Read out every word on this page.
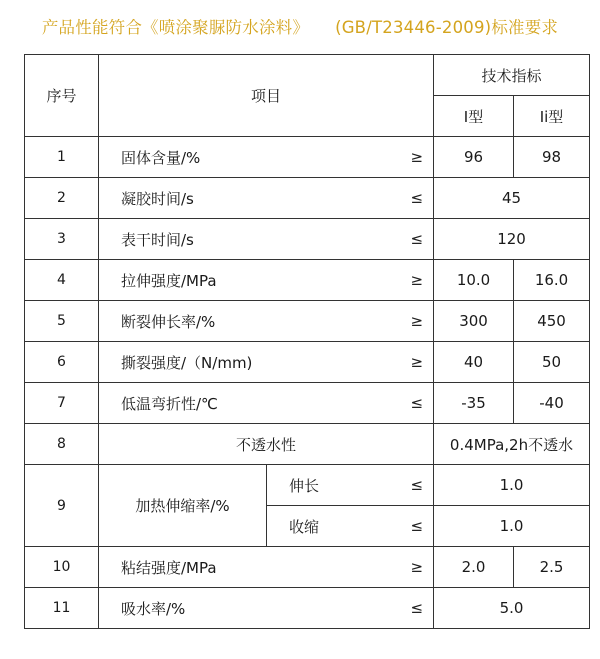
产品性能符合《喷涂聚脲防水涂料》 (GB/T23446-2009)标准要求
序号	项目		技术指标	
			I型	Ii型
1	固体含量/% ≥		96	98
2	凝胶时间/s ≤		45	
3	表干时间/s ≤		120	
4	拉伸强度/MPa ≥		10.0	16.0
5	断裂伸长率/% ≥		300	450
6	撕裂强度/（N/mm) ≥		40	50
7	低温弯折性/℃ ≤		-35	-40
8	不透水性		0.4MPa,2h不透水	
9	加热伸缩率/%	伸长 ≤	1.0	
		收缩 ≤	1.0	
10	粘结强度/MPa ≥		2.0	2.5
11	吸水率/% ≤		5.0	
